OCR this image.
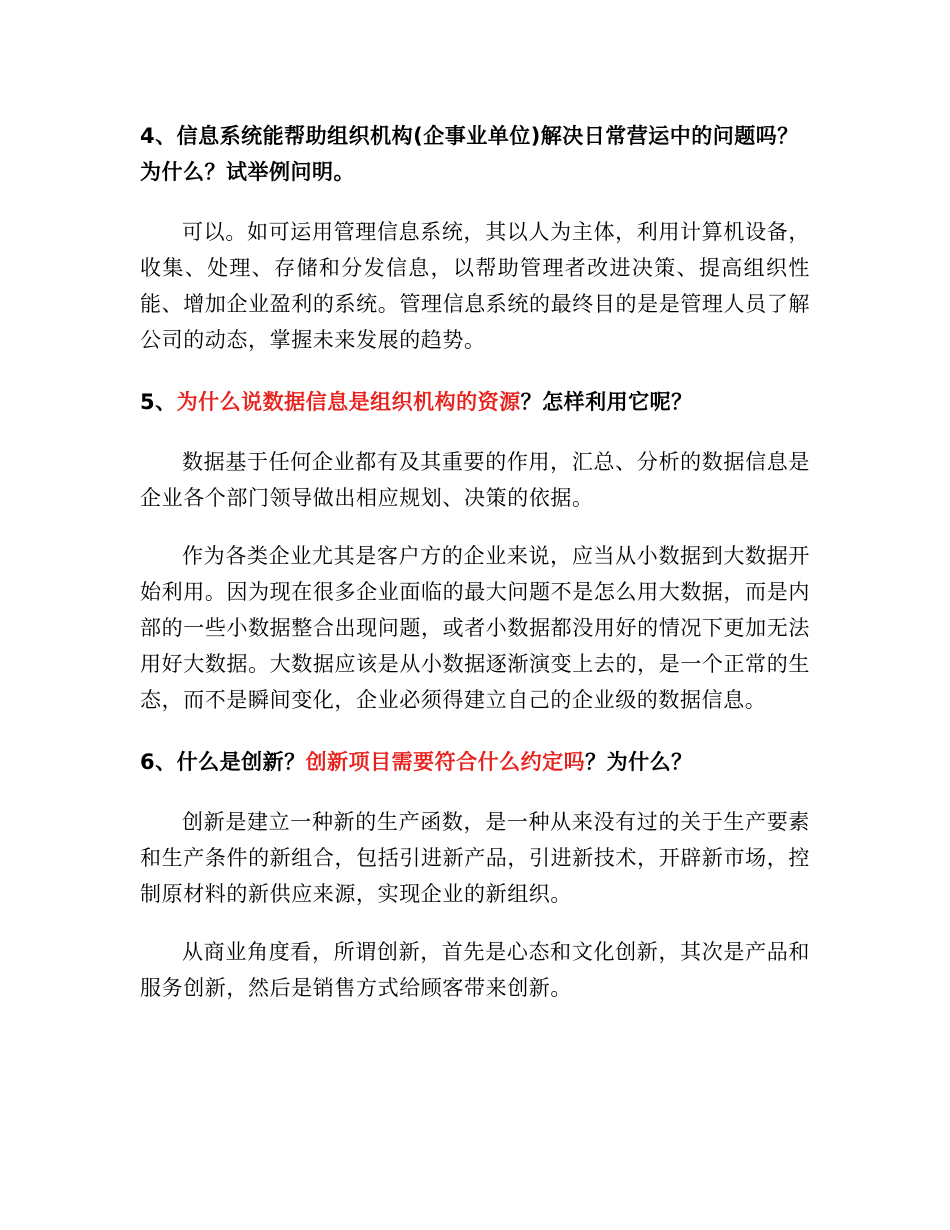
4、信息系统能帮助组织机构(企事业单位)解决日常营运中的问题吗？为什么？试举例问明。

可以。如可运用管理信息系统，其以人为主体，利用计算机设备，收集、处理、存储和分发信息，以帮助管理者改进决策、提高组织性能、增加企业盈利的系统。管理信息系统的最终目的是是管理人员了解公司的动态，掌握未来发展的趋势。

5、为什么说数据信息是组织机构的资源？怎样利用它呢？

数据基于任何企业都有及其重要的作用，汇总、分析的数据信息是企业各个部门领导做出相应规划、决策的依据。

作为各类企业尤其是客户方的企业来说，应当从小数据到大数据开始利用。因为现在很多企业面临的最大问题不是怎么用大数据，而是内部的一些小数据整合出现问题，或者小数据都没用好的情况下更加无法用好大数据。大数据应该是从小数据逐渐演变上去的，是一个正常的生态，而不是瞬间变化，企业必须得建立自己的企业级的数据信息。

6、什么是创新？创新项目需要符合什么约定吗？为什么？

创新是建立一种新的生产函数，是一种从来没有过的关于生产要素和生产条件的新组合，包括引进新产品，引进新技术，开辟新市场，控制原材料的新供应来源，实现企业的新组织。

从商业角度看，所谓创新，首先是心态和文化创新，其次是产品和服务创新，然后是销售方式给顾客带来创新。
